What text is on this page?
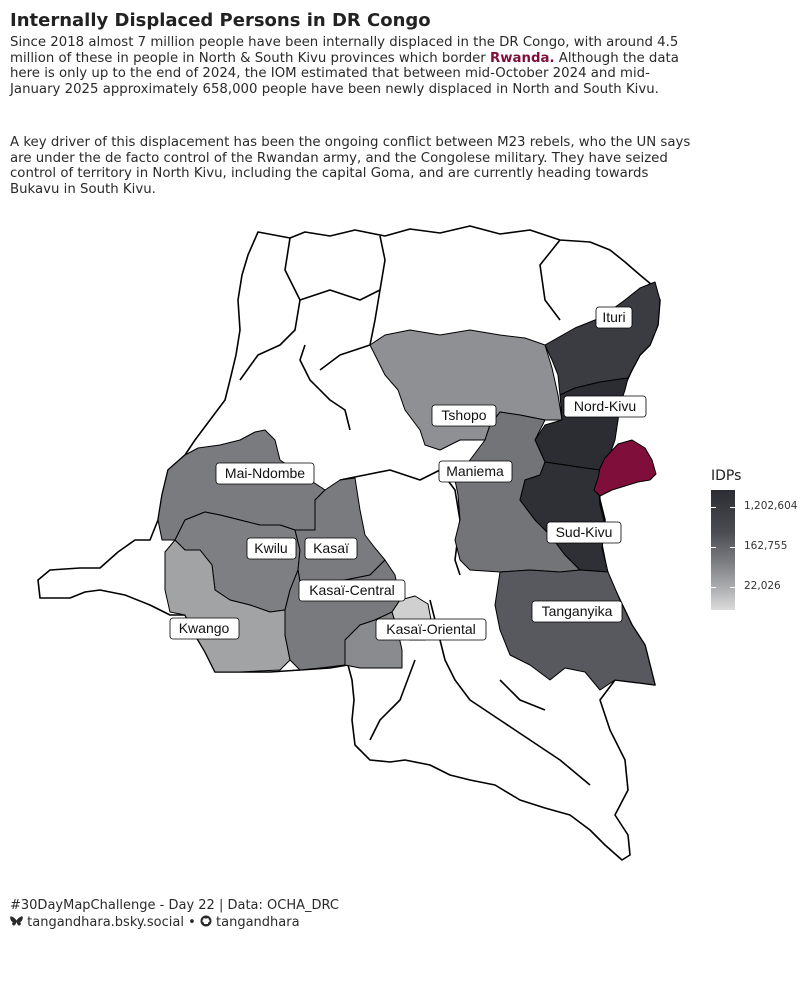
Internally Displaced Persons in DR Congo

Since 2018 almost 7 million people have been internally displaced in the DR Congo, with around 4.5 million of these in people in North & South Kivu provinces which border Rwanda. Although the data here is only up to the end of 2024, the IOM estimated that between mid-October 2024 and mid-January 2025 approximately 658,000 people have been newly displaced in North and South Kivu.

A key driver of this displacement has been the ongoing conflict between M23 rebels, who the UN says are under the de facto control of the Rwandan army, and the Congolese military. They have seized control of territory in North Kivu, including the capital Goma, and are currently heading towards Bukavu in South Kivu.

Ituri
Nord-Kivu
Tshopo
Maniema
Mai-Ndombe
Sud-Kivu
Kwilu Kasaï
Kasaï-Central
Tanganyika
Kwango	Kasaï-Oriental
IDPs
1,202,604
162,755
22,026
#30DayMapChallenge - Day 22 | Data: OCHA_DRC
tangandhara.bsky.social • tangandhara
